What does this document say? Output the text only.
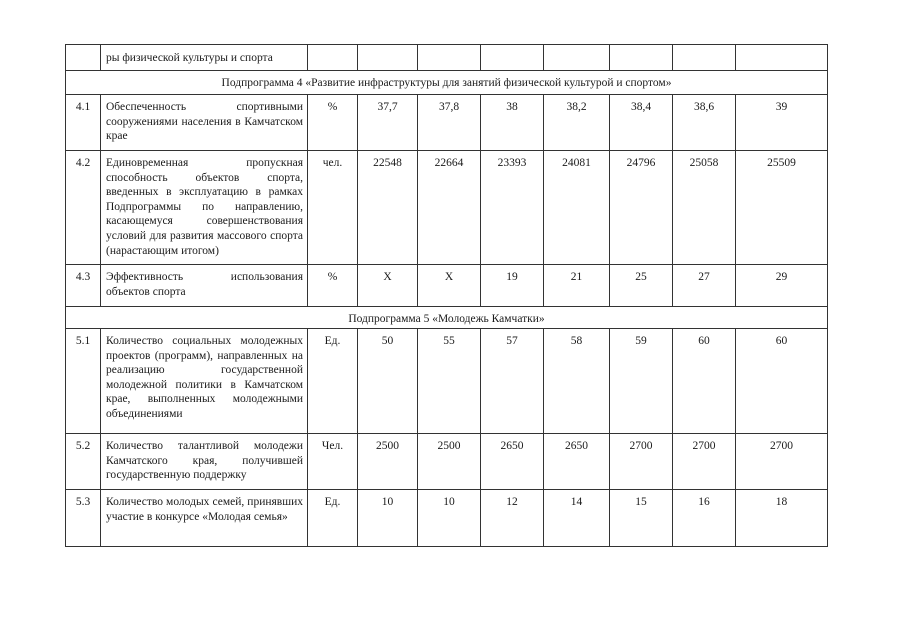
	ры физической культуры и спорта								
Подпрограмма 4 «Развитие инфраструктуры для занятий физической культурой и спортом»									
4.1	Обеспеченность спортивными сооружениями населения в Камчатском крае	%	37,7	37,8	38	38,2	38,4	38,6	39
4.2	Единовременная пропускная способность объектов спорта, введенных в эксплуатацию в рамках Подпрограммы по направлению, касающемуся совершенствования условий для развития массового спорта (нарастающим итогом)	чел.	22548	22664	23393	24081	24796	25058	25509
4.3	Эффективность использования объектов спорта	%	Х	Х	19	21	25	27	29
Подпрограмма 5 «Молодежь Камчатки»									
5.1	Количество социальных молодежных проектов (программ), направленных на реализацию государственной молодежной политики в Камчатском крае, выполненных молодежными объединениями	Ед.	50	55	57	58	59	60	60
5.2	Количество талантливой молодежи Камчатского края, получившей государственную поддержку	Чел.	2500	2500	2650	2650	2700	2700	2700
5.3	Количество молодых семей, принявших участие в конкурсе «Молодая семья»	Ед.	10	10	12	14	15	16	18
